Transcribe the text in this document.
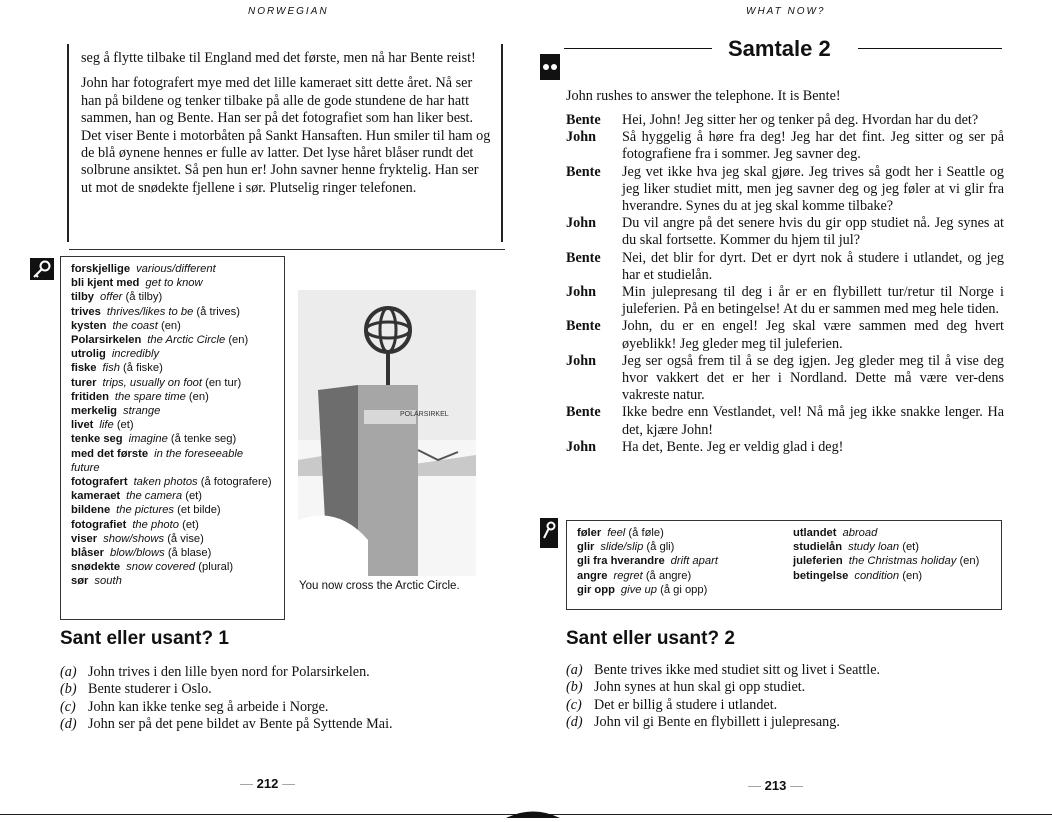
NORWEGIAN

seg å flytte tilbake til England med det første, men nå har Bente reist!

John har fotografert mye med det lille kameraet sitt dette året. Nå ser han på bildene og tenker tilbake på alle de gode stundene de har hatt sammen, han og Bente. Han ser på det fotografiet som han liker best. Det viser Bente i motorbåten på Sankt Hansaften. Hun smiler til ham og de blå øynene hennes er fulle av latter. Det lyse håret blåser rundt det solbrune ansiktet. Så pen hun er! John savner henne fryktelig. Han ser ut mot de snødekte fjellene i sør. Plutselig ringer telefonen.

forskjellige various/different
bli kjent med get to know
tilby offer (å tilby)
trives thrives/likes to be (å trives)
kysten the coast (en)
Polarsirkelen the Arctic Circle (en)
utrolig incredibly
fiske fish (å fiske)
turer trips, usually on foot (en tur)
fritiden the spare time (en)
merkelig strange
livet life (et)
tenke seg imagine (å tenke seg)
med det første in the foreseeable future
fotografert taken photos (å fotografere)
kameraet the camera (et)
bildene the pictures (et bilde)
fotografiet the photo (et)
viser show/shows (å vise)
blåser blow/blows (å blase)
snødekte snow covered (plural)
sør south
POLARSIRKEL
You now cross the Arctic Circle.
Sant eller usant? 1
(a) John trives i den lille byen nord for Polarsirkelen.
(b) Bente studerer i Oslo.
(c) John kan ikke tenke seg å arbeide i Norge.
(d) John ser på det pene bildet av Bente på Syttende Mai.
— 212 —
WHAT NOW?
Samtale 2
John rushes to answer the telephone. It is Bente!
Bente	Hei, John! Jeg sitter her og tenker på deg. Hvordan har du det?
John	Så hyggelig å høre fra deg! Jeg har det fint. Jeg sitter og ser på fotografiene fra i sommer. Jeg savner deg.
Bente	Jeg vet ikke hva jeg skal gjøre. Jeg trives så godt her i Seattle og jeg liker studiet mitt, men jeg savner deg og jeg føler at vi glir fra hverandre. Synes du at jeg skal komme tilbake?
John	Du vil angre på det senere hvis du gir opp studiet nå. Jeg synes at du skal fortsette. Kommer du hjem til jul?
Bente	Nei, det blir for dyrt. Det er dyrt nok å studere i utlandet, og jeg har et studielån.
John	Min julepresang til deg i år er en flybillett tur/retur til Norge i juleferien. På en betingelse! At du er sammen med meg hele tiden.
Bente	John, du er en engel! Jeg skal være sammen med deg hvert øyeblikk! Jeg gleder meg til juleferien.
John	Jeg ser også frem til å se deg igjen. Jeg gleder meg til å vise deg hvor vakkert det er her i Nordland. Dette må være ver-dens vakreste natur.
Bente	Ikke bedre enn Vestlandet, vel! Nå må jeg ikke snakke lenger. Ha det, kjære John!
John	Ha det, Bente. Jeg er veldig glad i deg!
føler feel (å føle)
glir slide/slip (å gli)
gli fra hverandre drift apart
angre regret (å angre)
gir opp give up (å gi opp)
utlandet abroad
studielån study loan (et)
juleferien the Christmas holiday (en)
betingelse condition (en)
Sant eller usant? 2
(a) Bente trives ikke med studiet sitt og livet i Seattle.
(b) John synes at hun skal gi opp studiet.
(c) Det er billig å studere i utlandet.
(d) John vil gi Bente en flybillett i julepresang.
— 213 —
